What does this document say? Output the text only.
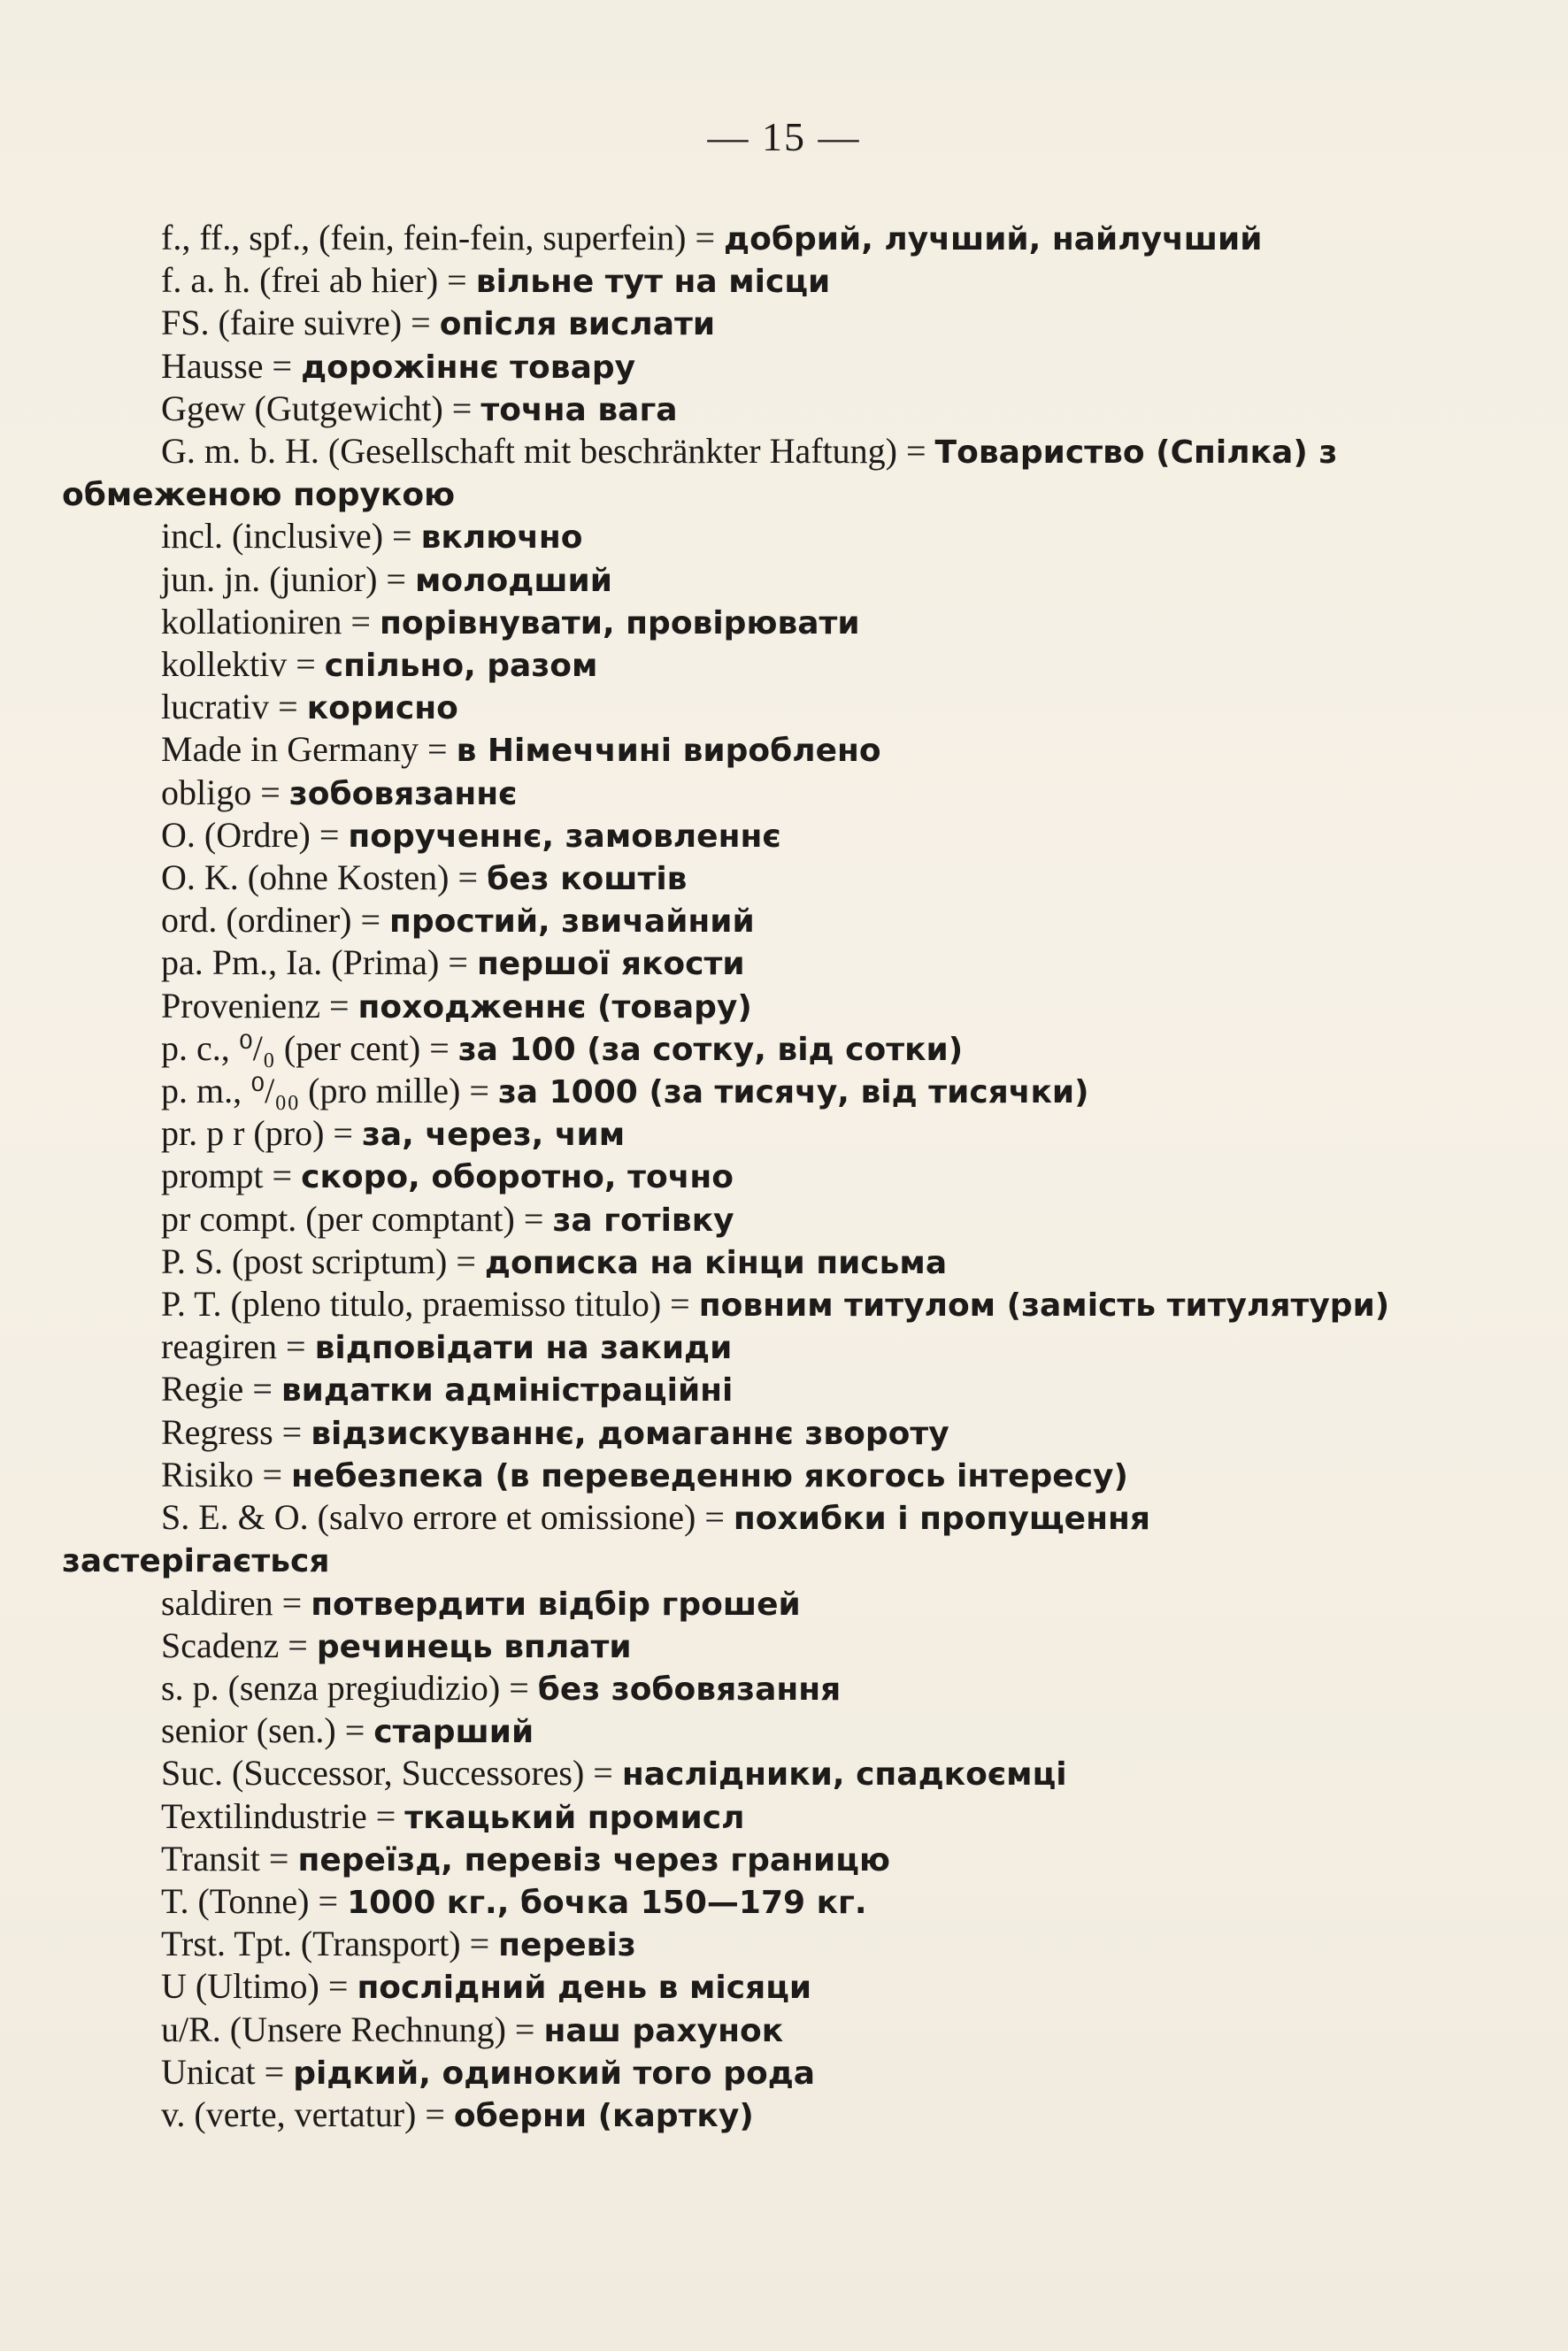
— 15 —
f., ff., spf., (fein, fein-fein, superfein) = добрий, лучший, найлучший
f. a. h. (frei ab hier) = вільне тут на місци
FS. (faire suivre) = опісля вислати
Hausse = дорожіннє товару
Ggew (Gutgewicht) = точна вага
G. m. b. H. (Gesellschaft mit beschränkter Haftung) = Товариство (Спілка) з обмеженою порукою
incl. (inclusive) = включно
jun. jn. (junior) = молодший
kollationiren = порівнувати, провірювати
kollektiv = спільно, разом
lucrativ = корисно
Made in Germany = в Німеччині вироблено
obligo = зобовязаннє
O. (Ordre) = порученнє, замовленнє
O. K. (ohne Kosten) = без коштів
ord. (ordiner) = простий, звичайний
pa. Pm., Ia. (Prima) = першої якости
Provenienz = походженнє (товару)
p. c., ⁰/₀ (per cent) = за 100 (за сотку, від сотки)
p. m., ⁰/₀₀ (pro mille) = за 1000 (за тисячу, від тисячки)
pr. p r (pro) = за, через, чим
prompt = скоро, оборотно, точно
pr compt. (per comptant) = за готівку
P. S. (post scriptum) = дописка на кінци письма
P. T. (pleno titulo, praemisso titulo) = повним титулом (замість титулятури)
reagiren = відповідати на закиди
Regie = видатки адміністраційні
Regress = відзискуваннє, домаганнє звороту
Risiko = небезпека (в переведенню якогось інтересу)
S. E. & O. (salvo errore et omissione) = похибки і пропущення застерігається
saldiren = потвердити відбір грошей
Scadenz = речинець вплати
s. p. (senza pregiudizio) = без зобовязання
senior (sen.) = старший
Suc. (Successor, Successores) = наслідники, спадкоємці
Textilindustrie = ткацький промисл
Transit = переїзд, перевіз через границю
T. (Tonne) = 1000 кг., бочка 150—179 кг.
Trst. Tpt. (Transport) = перевіз
U (Ultimo) = послідний день в місяци
u/R. (Unsere Rechnung) = наш рахунок
Unicat = рідкий, одинокий того рода
v. (verte, vertatur) = оберни (картку)
